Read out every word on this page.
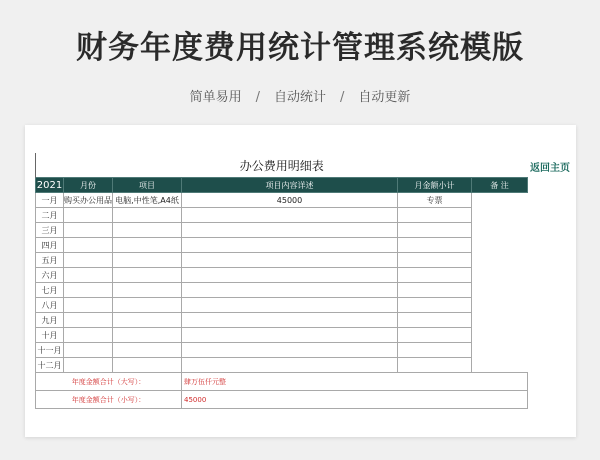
财务年度费用统计管理系统模版
简单易用 / 自动统计 / 自动更新
返回主页
办公费用明细表					
2021	月份	项目	项目内容详述	月金额小计	备 注
一月	购买办公用品	电脑,中性笔,A4纸	45000	专票	
二月					
三月					
四月					
五月					
六月					
七月					
八月					
九月					
十月					
十一月					
十二月					
年度金额合计（大写）：			肆万伍仟元整		
年度金额合计（小写）：			45000		
